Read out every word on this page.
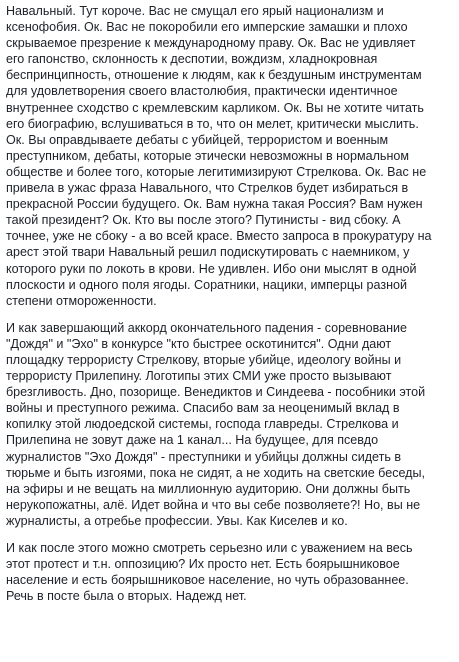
Навальный. Тут короче. Вас не смущал его ярый национализм и
ксенофобия. Ок. Вас не покоробили его имперские замашки и плохо
скрываемое презрение к международному праву. Ок. Вас не удивляет
его гапонство, склонность к деспотии, вождизм, хладнокровная
беспринципность, отношение к людям, как к бездушным инструментам
для удовлетворения своего властолюбия, практически идентичное
внутреннее сходство с кремлевским карликом. Ок. Вы не хотите читать
его биографию, вслушиваться в то, что он мелет, критически мыслить.
Ок. Вы оправдываете дебаты с убийцей, террористом и военным
преступником, дебаты, которые этически невозможны в нормальном
обществе и более того, которые легитимизируют Стрелкова. Ок. Вас не
привела в ужас фраза Навального, что Стрелков будет избираться в
прекрасной России будущего. Ок. Вам нужна такая Россия? Вам нужен
такой президент? Ок. Кто вы после этого? Путинисты - вид сбоку. А
точнее, уже не сбоку - а во всей красе. Вместо запроса в прокуратуру на
арест этой твари Навальный решил подискутировать с наемником, у
которого руки по локоть в крови. Не удивлен. Ибо они мыслят в одной
плоскости и одного поля ягоды. Соратники, нацики, имперцы разной
степени отмороженности.
И как завершающий аккорд окончательного падения - соревнование
"Дождя" и "Эхо" в конкурсе "кто быстрее оскотинится". Одни дают
площадку террористу Стрелкову, вторые убийце, идеологу войны и
террористу Прилепину. Логотипы этих СМИ уже просто вызывают
брезгливость. Дно, позорище. Венедиктов и Синдеева - пособники этой
войны и преступного режима. Спасибо вам за неоценимый вклад в
копилку этой людоедской системы, господа главреды. Стрелкова и
Прилепина не зовут даже на 1 канал... На будущее, для псевдо
журналистов "Эхо Дождя" - преступники и убийцы должны сидеть в
тюрьме и быть изгоями, пока не сидят, а не ходить на светские беседы,
на эфиры и не вещать на миллионную аудиторию. Они должны быть
нерукопожатны, алё. Идет война и что вы себе позволяете?! Но, вы не
журналисты, а отребье профессии. Увы. Как Киселев и ко.
И как после этого можно смотреть серьезно или с уважением на весь
этот протест и т.н. оппозицию? Их просто нет. Есть боярышниковое
население и есть боярышниковое население, но чуть образованнее.
Речь в посте была о вторых. Надежд нет.
